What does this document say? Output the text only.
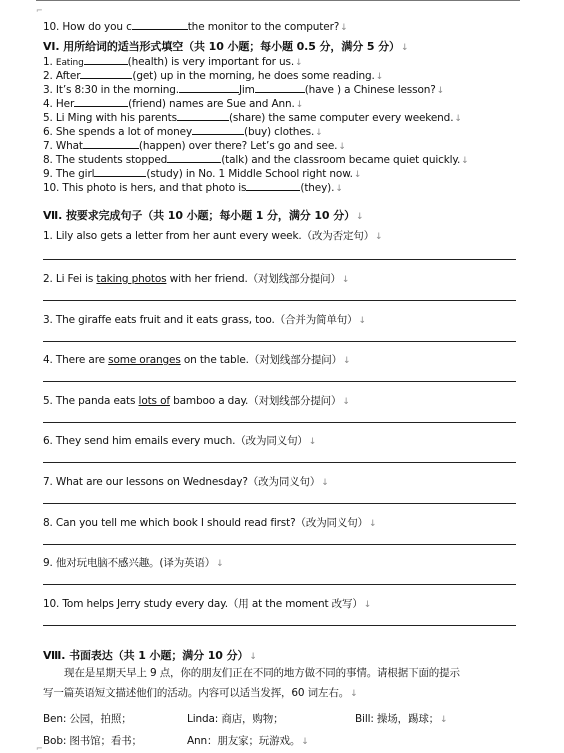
⌐
⌐
10. How do you c	the monitor to the computer?↓
VI. 用所给词的适当形式填空（共 10 小题；每小题 0.5 分，满分 5 分）↓
1. Eating	(health) is very important for us.↓
2. After	(get) up in the morning, he does some reading.↓
3. It’s 8:30 in the morning.	Jim	(have ) a Chinese lesson?↓
4. Her	(friend) names are Sue and Ann.↓
5. Li Ming with his parents	(share) the same computer every weekend.↓
6. She spends a lot of money	(buy) clothes.↓
7. What	(happen) over there? Let’s go and see.↓
8. The students stopped	(talk) and the classroom became quiet quickly.↓
9. The girl	(study) in No. 1 Middle School right now.↓
10. This photo is hers, and that photo is	(they).↓
Ⅶ. 按要求完成句子（共 10 小题；每小题 1 分，满分 10 分）↓
1. Lily also gets a letter from her aunt every week.（改为否定句）↓
2. Li Fei is taking photos with her friend.（对划线部分提问）↓
3. The giraffe eats fruit and it eats grass, too.（合并为简单句）↓
4. There are some oranges on the table.（对划线部分提问）↓
5. The panda eats lots of bamboo a day.（对划线部分提问）↓
6. They send him emails every much.（改为同义句）↓
7. What are our lessons on Wednesday?（改为同义句）↓
8. Can you tell me which book I should read first?（改为同义句）↓
9. 他对玩电脑不感兴趣。(译为英语）↓
10. Tom helps Jerry study every day.（用 at the moment 改写）↓
Ⅷ. 书面表达（共 1 小题；满分 10 分）↓
现在是星期天早上 9 点，你的朋友们正在不同的地方做不同的事情。请根据下面的提示
写一篇英语短文描述他们的活动。内容可以适当发挥，60 词左右。↓
Ben: 公园，拍照；	Linda: 商店，购物；	Bill: 操场，踢球；↓
Bob: 图书馆；看书；	Ann：朋友家；玩游戏。↓
